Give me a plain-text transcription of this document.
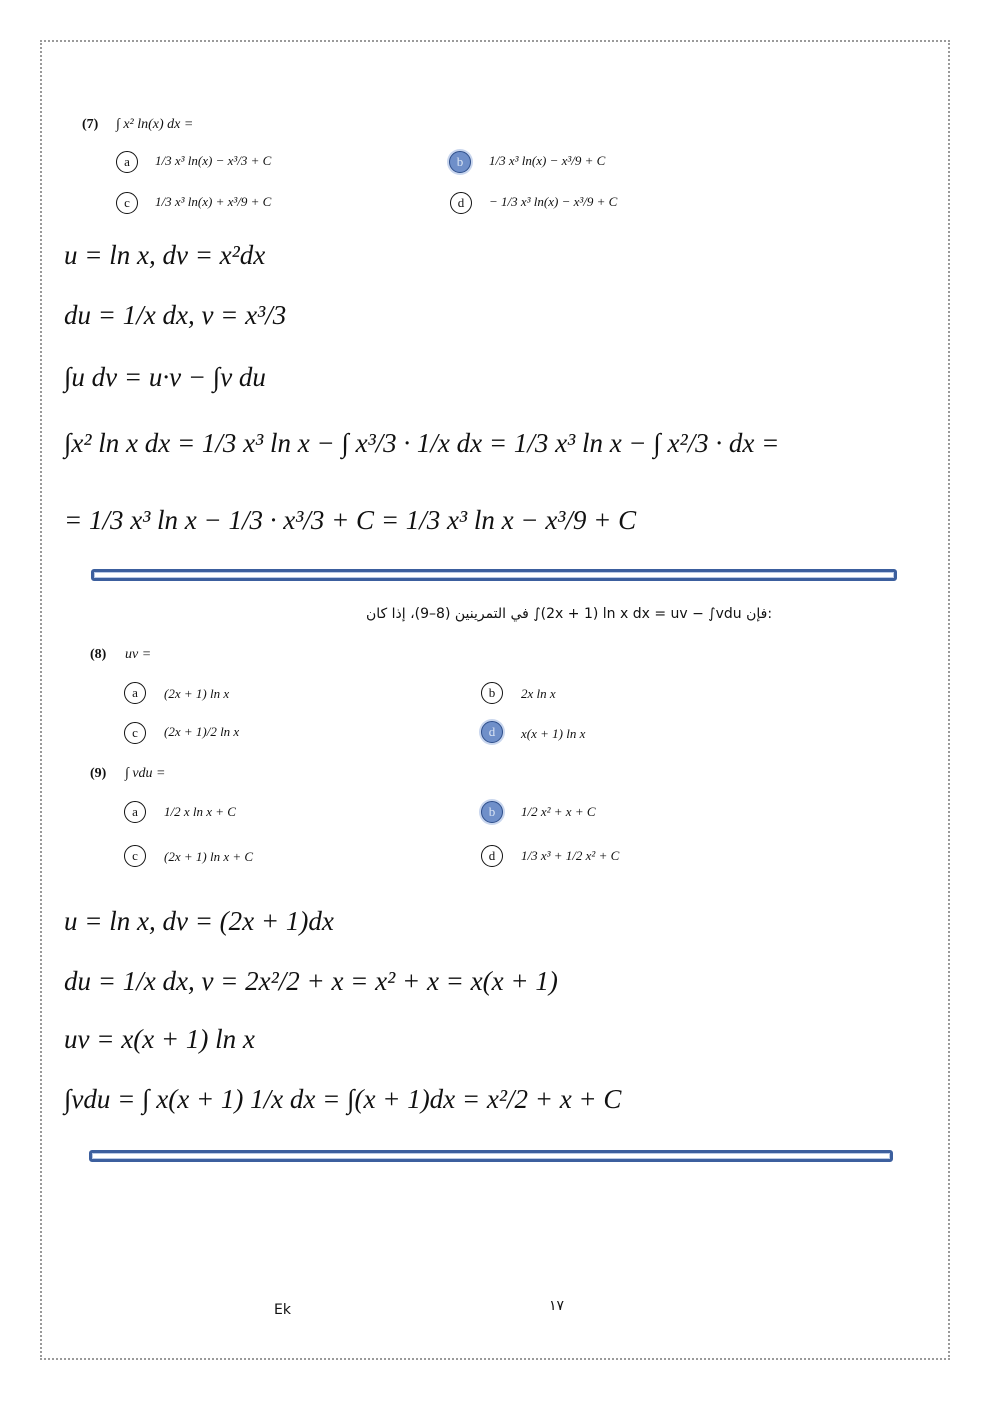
(7) ∫ x² ln(x) dx =
a	1/3 x³ ln(x) − x³/3 + C	b	1/3 x³ ln(x) − x³/9 + C
c	1/3 x³ ln(x) + x³/9 + C	d	− 1/3 x³ ln(x) − x³/9 + C
u = ln x, dv = x²dx
du = 1/x dx, v = x³/3
∫u dv = u·v − ∫v du
∫x² ln x dx = 1/3 x³ ln x − ∫ x³/3 · 1/x dx = 1/3 x³ ln x − ∫ x²/3 · dx =
= 1/3 x³ ln x − 1/3 · x³/3 + C = 1/3 x³ ln x − x³/9 + C
في التمرينين (8–9)، إذا كان ∫(2x + 1) ln x dx = uv − ∫vdu فإن:
(8) uv =
a	(2x + 1) ln x	b	2x ln x
c	(2x + 1)/2 ln x	d	x(x + 1) ln x
(9) ∫ vdu =
a	1/2 x ln x + C	b	1/2 x² + x + C
c	(2x + 1) ln x + C	d	1/3 x³ + 1/2 x² + C
u = ln x, dv = (2x + 1)dx
du = 1/x dx, v = 2x²/2 + x = x² + x = x(x + 1)
uv = x(x + 1) ln x
∫vdu = ∫ x(x + 1) 1/x dx = ∫(x + 1)dx = x²/2 + x + C
Ek	١٧
